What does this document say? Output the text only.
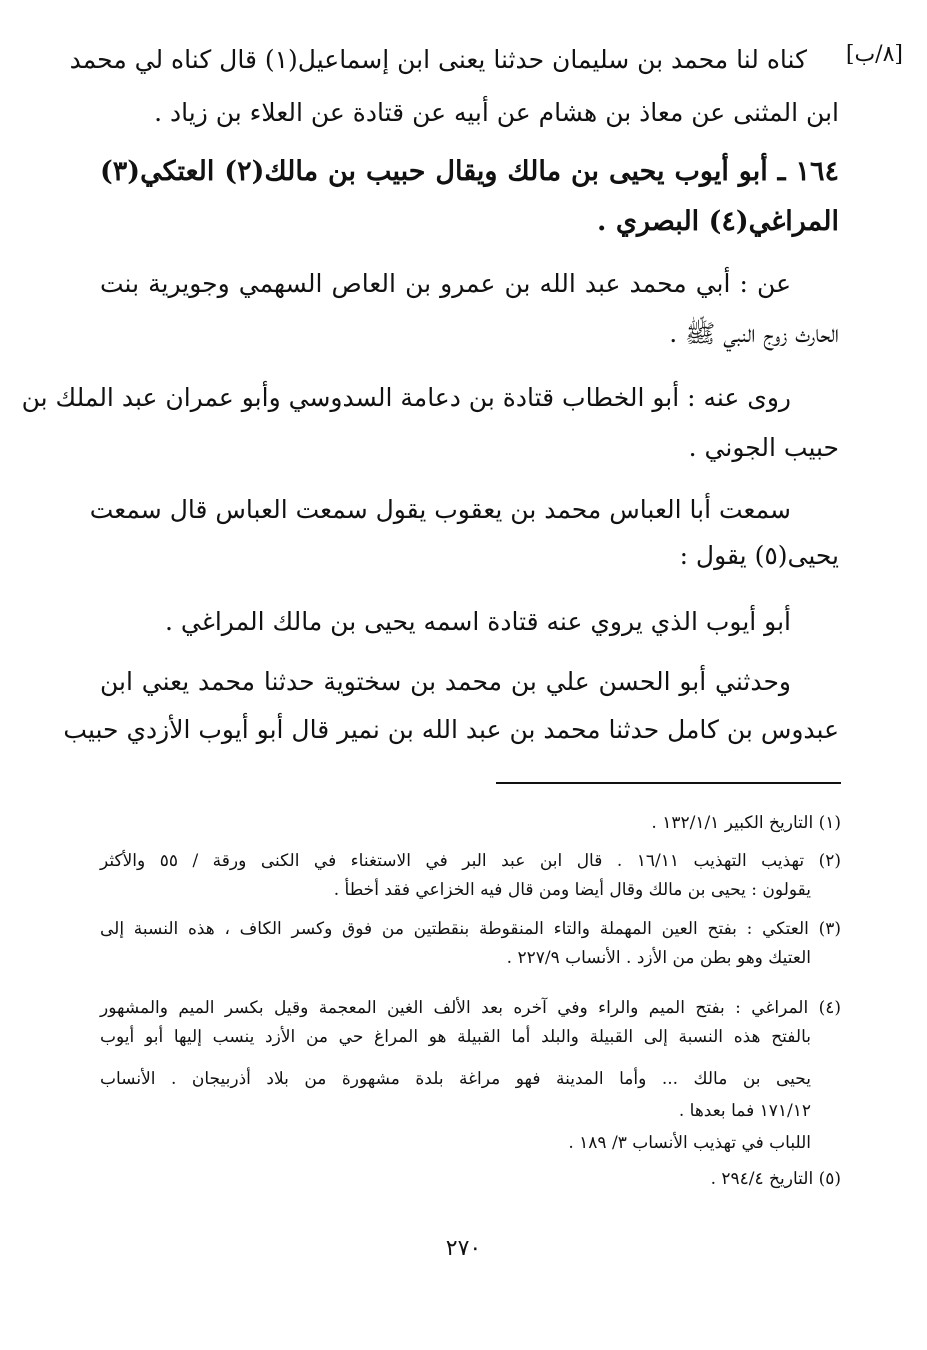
[٨/ب]
كناه لنا محمد بن سليمان حدثنا يعنى ابن إسماعيل(١) قال كناه لي محمد
ابن المثنى عن معاذ بن هشام عن أبيه عن قتادة عن العلاء بن زياد .
١٦٤ ـ أبو أيوب يحيى بن مالك ويقال حبيب بن مالك(٢) العتكي(٣)
المراغي(٤) البصري .
عن : أبي محمد عبد الله بن عمرو بن العاص السهمي وجويرية بنت
الحارث زوج النبي ﷺ .
روى عنه : أبو الخطاب قتادة بن دعامة السدوسي وأبو عمران عبد الملك بن
حبيب الجوني .
سمعت أبا العباس محمد بن يعقوب يقول سمعت العباس قال سمعت
يحيى(٥) يقول :
أبو أيوب الذي يروي عنه قتادة اسمه يحيى بن مالك المراغي .
وحدثني أبو الحسن علي بن محمد بن سختوية حدثنا محمد يعني ابن
عبدوس بن كامل حدثنا محمد بن عبد الله بن نمير قال أبو أيوب الأزدي حبيب
(١) التاريخ الكبير ١٣٢/١/١ .
(٢) تهذيب التهذيب ١٦/١١ . قال ابن عبد البر في الاستغناء في الكنى ورقة / ٥٥ والأكثر
يقولون : يحيى بن مالك وقال أيضا ومن قال فيه الخزاعي فقد أخطأ .
(٣) العتكي : بفتح العين المهملة والتاء المنقوطة بنقطتين من فوق وكسر الكاف ، هذه النسبة إلى
العتيك وهو بطن من الأزد . الأنساب ٢٢٧/٩ .
(٤) المراغي : بفتح الميم والراء وفي آخره بعد الألف الغين المعجمة وقيل بكسر الميم والمشهور
بالفتح هذه النسبة إلى القبيلة والبلد أما القبيلة هو المراغ حي من الأزد ينسب إليها أبو أيوب
يحيى بن مالك ... وأما المدينة فهو مراغة بلدة مشهورة من بلاد أذربيجان . الأنساب
١٧١/١٢ فما بعدها .
اللباب في تهذيب الأنساب ٣/ ١٨٩ .
(٥) التاريخ ٢٩٤/٤ .
٢٧٠
